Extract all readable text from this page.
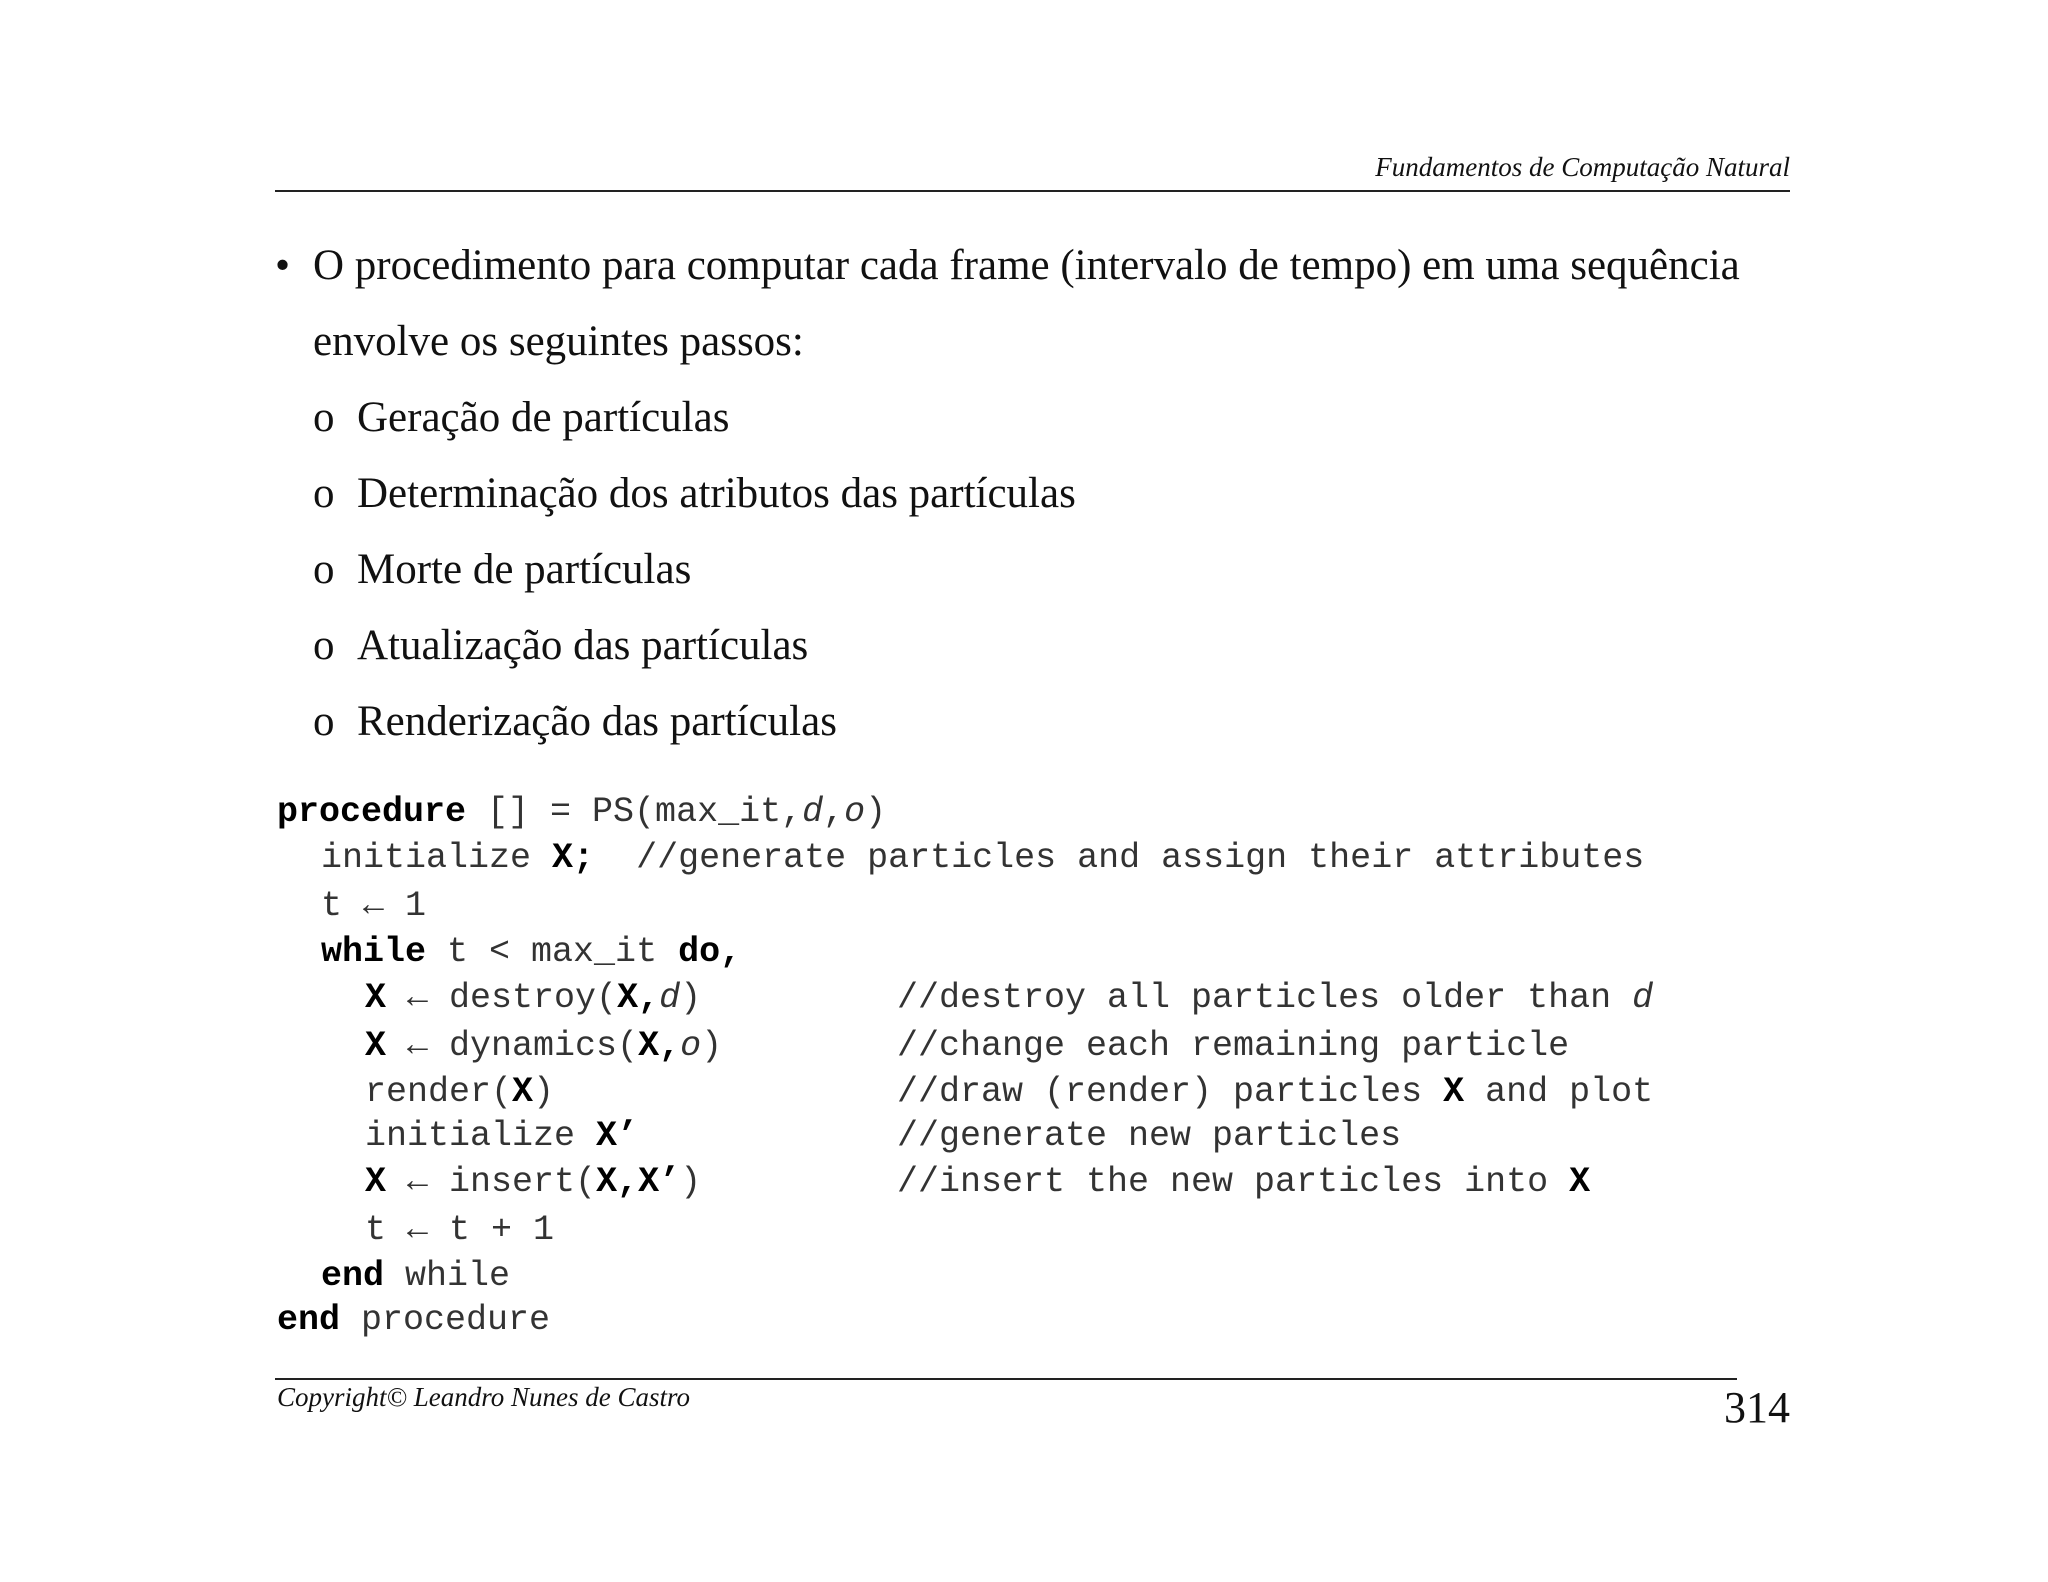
Fundamentos de Computação Natural
• O procedimento para computar cada frame (intervalo de tempo) em uma sequência
envolve os seguintes passos:
o Geração de partículas
o Determinação dos atributos das partículas
o Morte de partículas
o Atualização das partículas
o Renderização das partículas
procedure [] = PS(max_it,d,o)
initialize X;  //generate particles and assign their attributes
t ← 1
while t < max_it do,
X ← destroy(X,d)	//destroy all particles older than d
X ← dynamics(X,o)	//change each remaining particle
render(X)	//draw (render) particles X and plot
initialize X’	//generate new particles
X ← insert(X,X’)	//insert the new particles into X
t ← t + 1
end while
end procedure
Copyright© Leandro Nunes de Castro	314
